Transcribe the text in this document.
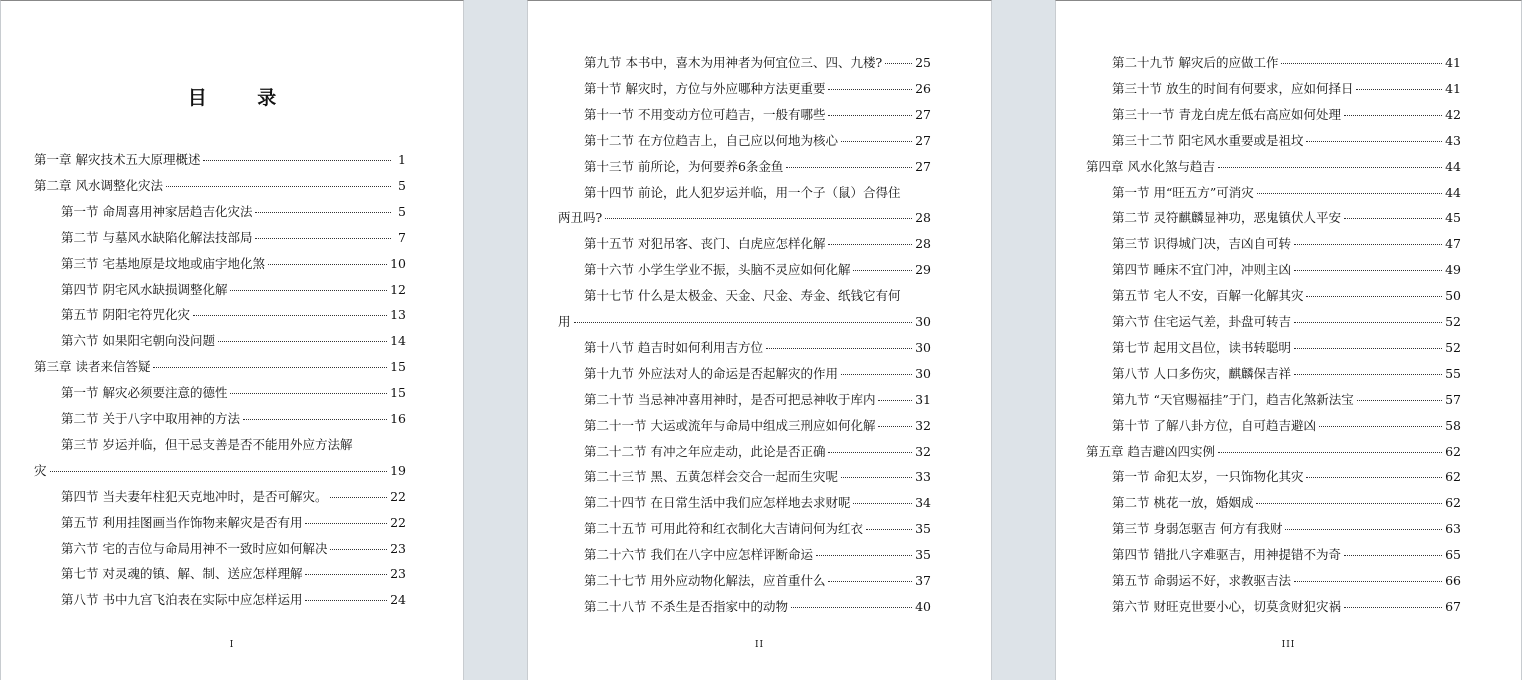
目 录
第一章 解灾技术五大原理概述	1
第二章 风水调整化灾法	5
第一节 命周喜用神家居趋吉化灾法	5
第二节 与墓风水缺陷化解法技部局	7
第三节 宅基地原是坟地或庙宇地化煞	10
第四节 阴宅风水缺损调整化解	12
第五节 阴阳宅符咒化灾	13
第六节 如果阳宅朝向没问题	14
第三章 读者来信答疑	15
第一节 解灾必须要注意的德性	15
第二节 关于八字中取用神的方法	16
第三节 岁运并临，但干忌支善是否不能用外应方法解
灾	19
第四节 当夫妻年柱犯天克地冲时，是否可解灾。	22
第五节 利用挂图画当作饰物来解灾是否有用	22
第六节 宅的吉位与命局用神不一致时应如何解决	23
第七节 对灵魂的镇、解、制、送应怎样理解	23
第八节 书中九宫飞泊表在实际中应怎样运用	24
I
第九节 本书中，喜木为用神者为何宜位三、四、九楼?	25
第十节 解灾时，方位与外应哪种方法更重要	26
第十一节 不用变动方位可趋吉，一般有哪些	27
第十二节 在方位趋吉上，自己应以何地为核心	27
第十三节 前所论，为何要养6条金鱼	27
第十四节 前论，此人犯岁运并临，用一个子（鼠）合得住
两丑吗?	28
第十五节 对犯吊客、丧门、白虎应怎样化解	28
第十六节 小学生学业不振，头脑不灵应如何化解	29
第十七节 什么是太极金、天金、尺金、寿金、纸钱它有何
用	30
第十八节 趋吉时如何利用吉方位	30
第十九节 外应法对人的命运是否起解灾的作用	30
第二十节 当忌神冲喜用神时，是否可把忌神收于库内	31
第二十一节 大运或流年与命局中组成三刑应如何化解	32
第二十二节 有冲之年应走动，此论是否正确	32
第二十三节 黑、五黄怎样会交合一起而生灾呢	33
第二十四节 在日常生活中我们应怎样地去求财呢	34
第二十五节 可用此符和红衣制化大吉请问何为红衣	35
第二十六节 我们在八字中应怎样评断命运	35
第二十七节 用外应动物化解法，应首重什么	37
第二十八节 不杀生是否指家中的动物	40
II
第二十九节 解灾后的应做工作	41
第三十节 放生的时间有何要求，应如何择日	41
第三十一节 青龙白虎左低右高应如何处理	42
第三十二节 阳宅风水重要或是祖坟	43
第四章 风水化煞与趋吉	44
第一节 用“旺五方”可消灾	44
第二节 灵符麒麟显神功，恶鬼镇伏人平安	45
第三节 识得城门决，吉凶自可转	47
第四节 睡床不宜门冲，冲则主凶	49
第五节 宅人不安，百解一化解其灾	50
第六节 住宅运气差，卦盘可转吉	52
第七节 起用文昌位，读书转聪明	52
第八节 人口多伤灾，麒麟保吉祥	55
第九节 “天官赐福挂”于门，趋吉化煞新法宝	57
第十节 了解八卦方位，自可趋吉避凶	58
第五章 趋吉避凶四实例	62
第一节 命犯太岁，一只饰物化其灾	62
第二节 桃花一放，婚姻成	62
第三节 身弱怎驱吉 何方有我财	63
第四节 错批八字难驱吉，用神提错不为奇	65
第五节 命弱运不好，求教驱吉法	66
第六节 财旺克世要小心，切莫贪财犯灾祸	67
III
